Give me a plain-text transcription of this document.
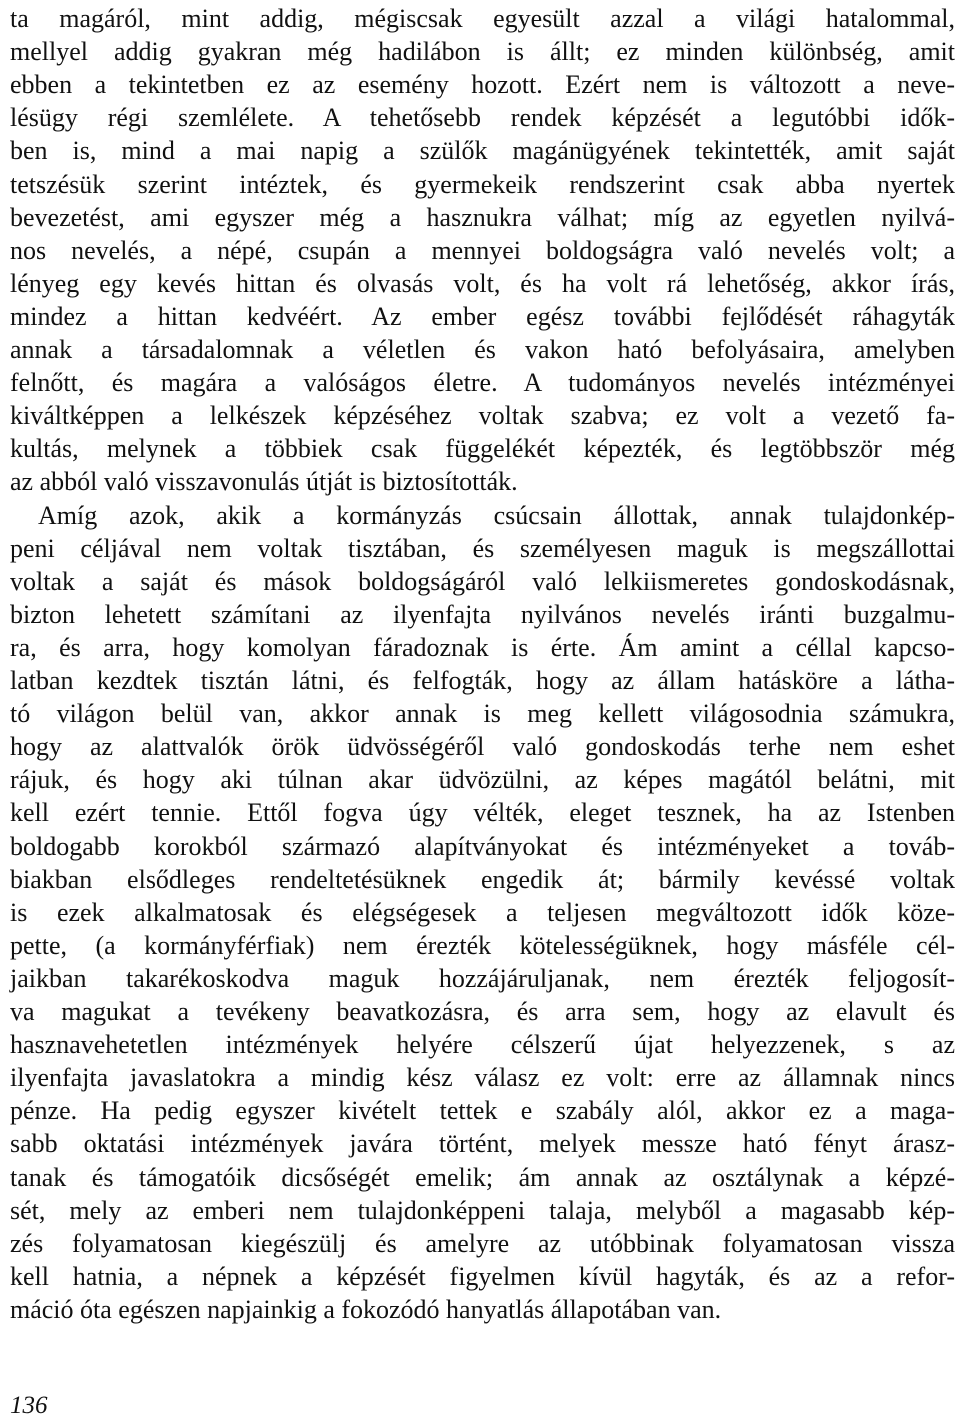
ta magáról, mint addig, mégiscsak egyesült azzal a világi hatalommal,
mellyel addig gyakran még hadilábon is állt; ez minden különbség, amit
ebben a tekintetben ez az esemény hozott. Ezért nem is változott a neve-
lésügy régi szemlélete. A tehetősebb rendek képzését a legutóbbi idők-
ben is, mind a mai napig a szülők magánügyének tekintették, amit saját
tetszésük szerint intéztek, és gyermekeik rendszerint csak abba nyertek
bevezetést, ami egyszer még a hasznukra válhat; míg az egyetlen nyilvá-
nos nevelés, a népé, csupán a mennyei boldogságra való nevelés volt; a
lényeg egy kevés hittan és olvasás volt, és ha volt rá lehetőség, akkor írás,
mindez a hittan kedvéért. Az ember egész további fejlődését ráhagyták
annak a társadalomnak a véletlen és vakon ható befolyásaira, amelyben
felnőtt, és magára a valóságos életre. A tudományos nevelés intézményei
kiváltképpen a lelkészek képzéséhez voltak szabva; ez volt a vezető fa-
kultás, melynek a többiek csak függelékét képezték, és legtöbbször még
az abból való visszavonulás útját is biztosították.
Amíg azok, akik a kormányzás csúcsain állottak, annak tulajdonkép-
peni céljával nem voltak tisztában, és személyesen maguk is megszállottai
voltak a saját és mások boldogságáról való lelkiismeretes gondoskodásnak,
bizton lehetett számítani az ilyenfajta nyilvános nevelés iránti buzgalmu-
ra, és arra, hogy komolyan fáradoznak is érte. Ám amint a céllal kapcso-
latban kezdtek tisztán látni, és felfogták, hogy az állam hatásköre a látha-
tó világon belül van, akkor annak is meg kellett világosodnia számukra,
hogy az alattvalók örök üdvösségéről való gondoskodás terhe nem eshet
rájuk, és hogy aki túlnan akar üdvözülni, az képes magától belátni, mit
kell ezért tennie. Ettől fogva úgy vélték, eleget tesznek, ha az Istenben
boldogabb korokból származó alapítványokat és intézményeket a továb-
biakban elsődleges rendeltetésüknek engedik át; bármily kevéssé voltak
is ezek alkalmatosak és elégségesek a teljesen megváltozott idők köze-
pette, (a kormányférfiak) nem érezték kötelességüknek, hogy másféle cél-
jaikban takarékoskodva maguk hozzájáruljanak, nem érezték feljogosít-
va magukat a tevékeny beavatkozásra, és arra sem, hogy az elavult és
hasznavehetetlen intézmények helyére célszerű újat helyezzenek, s az
ilyenfajta javaslatokra a mindig kész válasz ez volt: erre az államnak nincs
pénze. Ha pedig egyszer kivételt tettek e szabály alól, akkor ez a maga-
sabb oktatási intézmények javára történt, melyek messze ható fényt árasz-
tanak és támogatóik dicsőségét emelik; ám annak az osztálynak a képzé-
sét, mely az emberi nem tulajdonképpeni talaja, melyből a magasabb kép-
zés folyamatosan kiegészülj és amelyre az utóbbinak folyamatosan vissza
kell hatnia, a népnek a képzését figyelmen kívül hagyták, és az a refor-
máció óta egészen napjainkig a fokozódó hanyatlás állapotában van.
136
